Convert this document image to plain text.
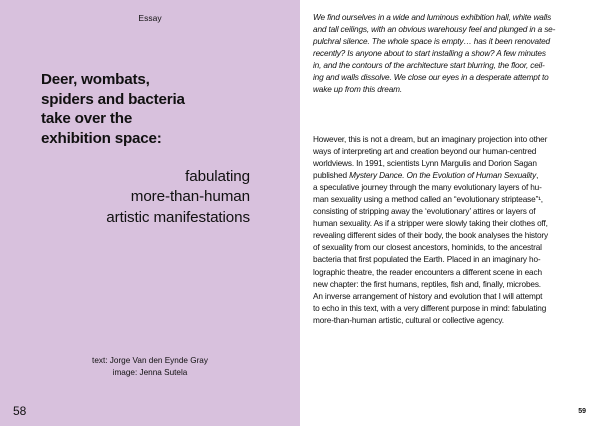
Essay
Deer, wombats,
spiders and bacteria
take over the
exhibition space:
fabulating
more-than-human
artistic manifestations
text: Jorge Van den Eynde Gray
image: Jenna Sutela
58
We find ourselves in a wide and luminous exhibition hall, white walls
and tall ceilings, with an obvious warehousy feel and plunged in a se-
pulchral silence. The whole space is empty… has it been renovated
recently? Is anyone about to start installing a show? A few minutes
in, and the contours of the architecture start blurring, the floor, ceil-
ing and walls dissolve. We close our eyes in a desperate attempt to
wake up from this dream.
However, this is not a dream, but an imaginary projection into other
ways of interpreting art and creation beyond our human-centred
worldviews. In 1991, scientists Lynn Margulis and Dorion Sagan
published Mystery Dance. On the Evolution of Human Sexuality,
a speculative journey through the many evolutionary layers of hu-
man sexuality using a method called an “evolutionary striptease”¹,
consisting of stripping away the ‘evolutionary’ attires or layers of
human sexuality. As if a stripper were slowly taking their clothes off,
revealing different sides of their body, the book analyses the history
of sexuality from our closest ancestors, hominids, to the ancestral
bacteria that first populated the Earth. Placed in an imaginary ho-
lographic theatre, the reader encounters a different scene in each
new chapter: the first humans, reptiles, fish and, finally, microbes.
An inverse arrangement of history and evolution that I will attempt
to echo in this text, with a very different purpose in mind: fabulating
more-than-human artistic, cultural or collective agency.
59
